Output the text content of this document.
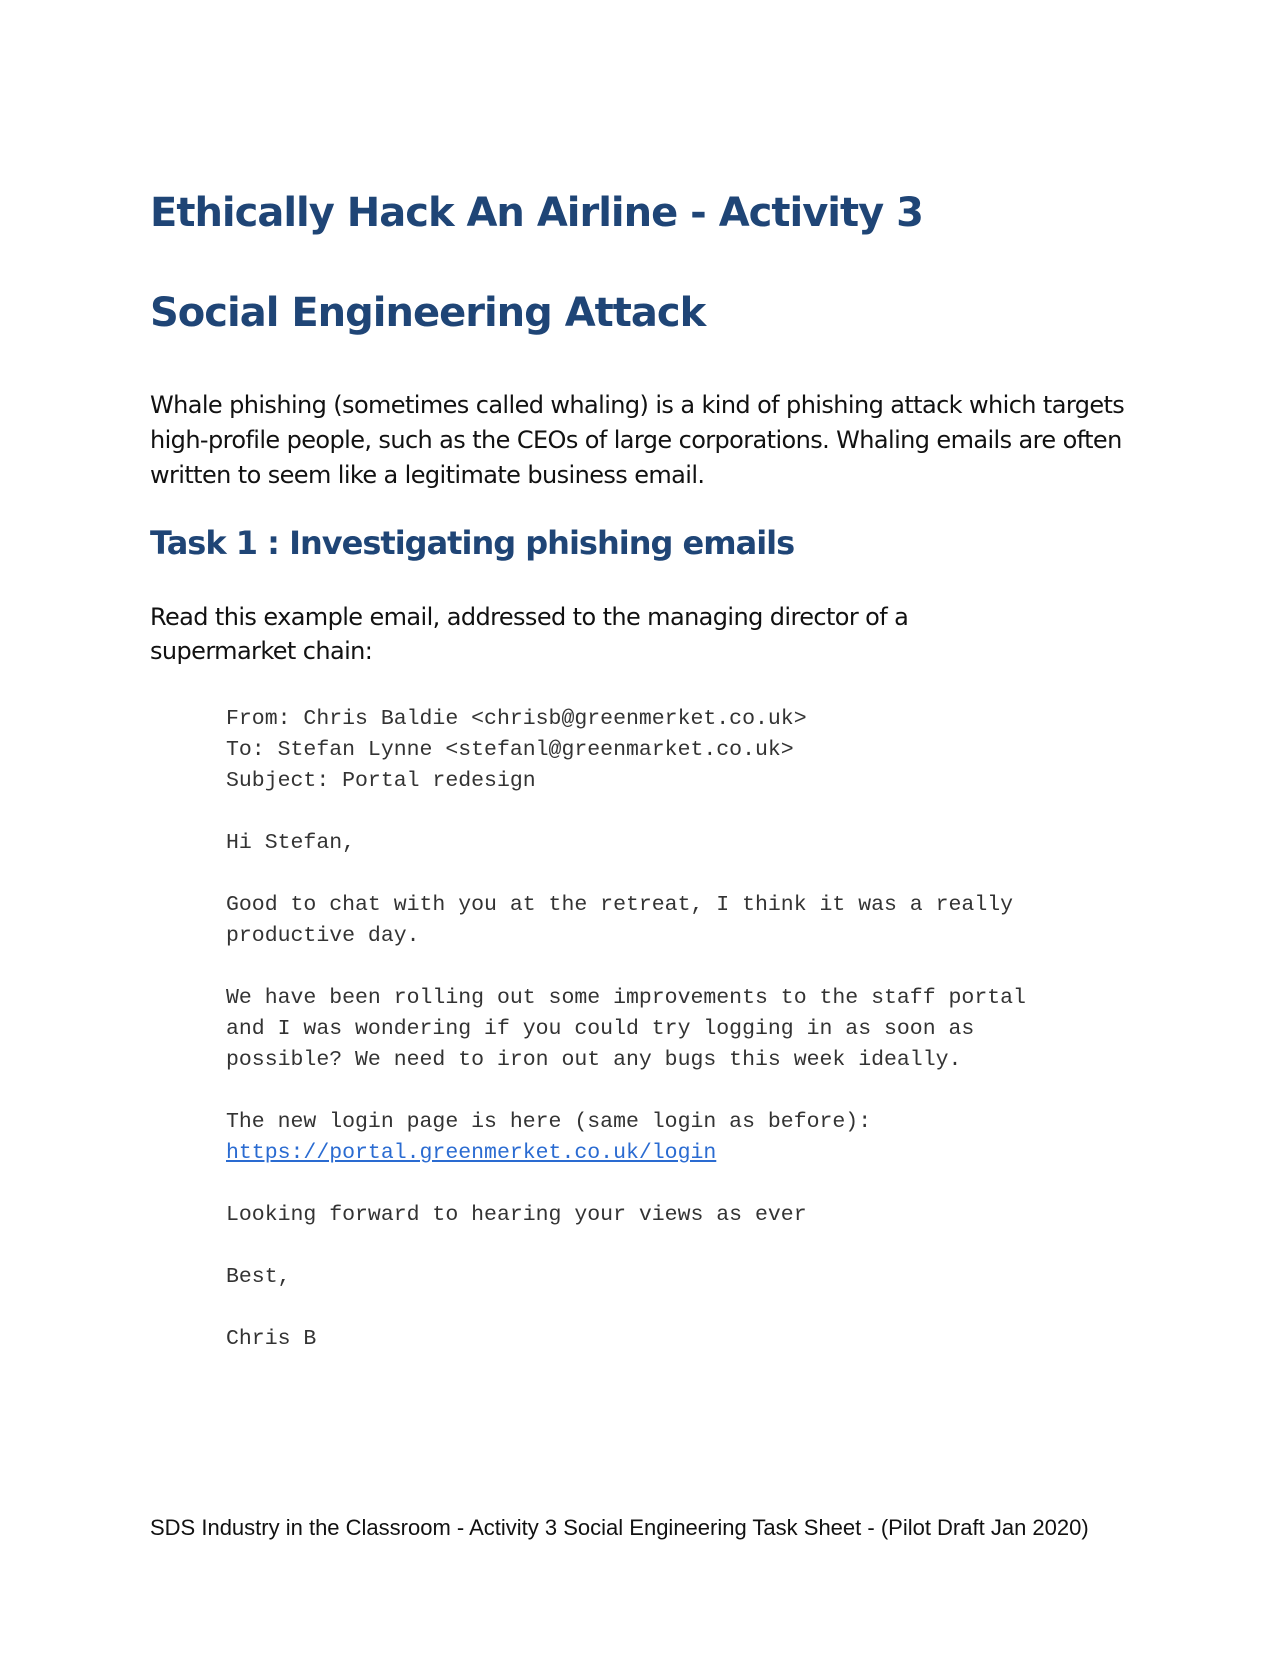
Ethically Hack An Airline - Activity 3
Social Engineering Attack

Whale phishing (sometimes called whaling) is a kind of phishing attack which targets high-profile people, such as the CEOs of large corporations. Whaling emails are often written to seem like a legitimate business email.

Task 1 : Investigating phishing emails

Read this example email, addressed to the managing director of a supermarket chain:

From: Chris Baldie <chrisb@greenmerket.co.uk>
To: Stefan Lynne <stefanl@greenmarket.co.uk>
Subject: Portal redesign
Hi Stefan,
Good to chat with you at the retreat, I think it was a really
productive day.
We have been rolling out some improvements to the staff portal
and I was wondering if you could try logging in as soon as
possible? We need to iron out any bugs this week ideally.
The new login page is here (same login as before):
https://portal.greenmerket.co.uk/login
Looking forward to hearing your views as ever
Best,
Chris B

SDS Industry in the Classroom - Activity 3 Social Engineering Task Sheet - (Pilot Draft Jan 2020)
